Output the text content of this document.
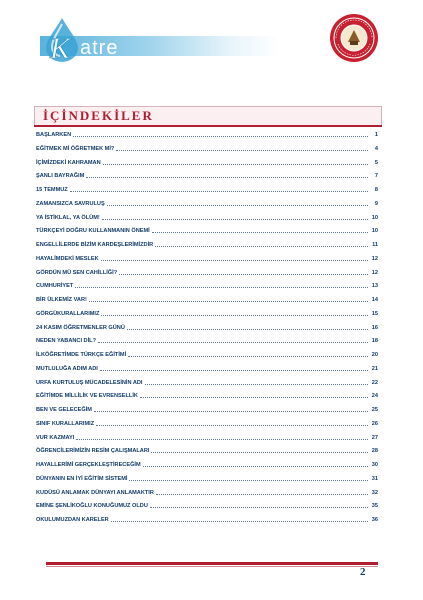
K atre
İÇİNDEKİLER
BAŞLARKEN	1
EĞİTMEK Mİ ÖĞRETMEK Mİ?	4
İÇİMİZDEKİ KAHRAMAN	5
ŞANLI BAYRAĞIM	7
15 TEMMUZ	8
ZAMANSIZCA SAVRULUŞ	9
YA İSTİKLAL, YA ÖLÜM!	10
TÜRKÇEYİ DOĞRU KULLANMANIN ÖNEMİ	10
ENGELLİLERDE BİZİM KARDEŞLERİMİZDİR	11
HAYALİMDEKİ MESLEK	12
GÖRDÜN MÜ SEN CAHİLLİĞİ?	12
CUMHURİYET	13
BİR ÜLKEMİZ VAR!	14
GÖRGÜKURALLARIMIZ	15
24 KASIM ÖĞRETMENLER GÜNÜ	16
NEDEN YABANCI DİL?	18
İLKÖĞRETİMDE TÜRKÇE EĞİTİMİ	20
MUTLULUĞA ADIM ADI	21
URFA KURTULUŞ MÜCADELESİNİN ADI	22
EĞİTİMDE MİLLİLİK VE EVRENSELLİK	24
BEN VE GELECEĞİM	25
SINIF KURALLARIMIZ	26
VUR KAZMAYI	27
ÖĞRENCİLERİMİZİN RESİM ÇALIŞMALARI	28
HAYALLERİMİ GERÇEKLEŞTİRECEĞİM	30
DÜNYANIN EN İYİ EĞİTİM SİSTEMİ	31
KUDÜSÜ ANLAMAK DÜNYAYI ANLAMAKTIR	32
EMİNE ŞENLİKOĞLU KONUĞUMUZ OLDU	35
OKULUMUZDAN KARELER	36
2
